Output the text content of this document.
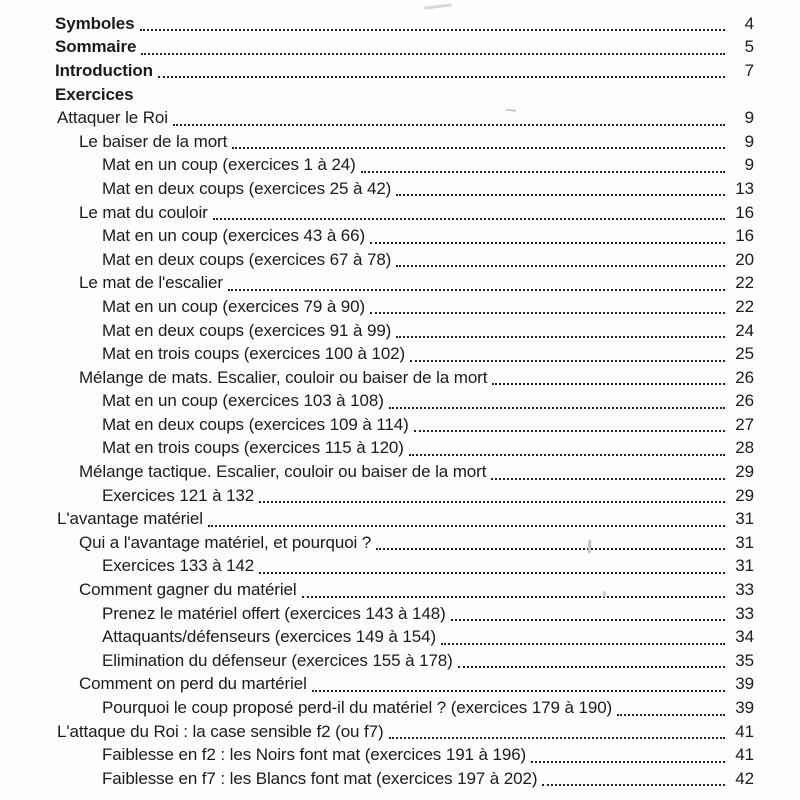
~
Symboles	4
Sommaire	5
Introduction	7
Exercices
Attaquer le Roi	9
Le baiser de la mort	9
Mat en un coup (exercices 1 à 24)	9
Mat en deux coups (exercices 25 à 42)	13
Le mat du couloir	16
Mat en un coup (exercices 43 à 66)	16
Mat en deux coups (exercices 67 à 78)	20
Le mat de l'escalier	22
Mat en un coup (exercices 79 à 90)	22
Mat en deux coups (exercices 91 à 99)	24
Mat en trois coups (exercices 100 à 102)	25
Mélange de mats. Escalier, couloir ou baiser de la mort	26
Mat en un coup (exercices 103 à 108)	26
Mat en deux coups (exercices 109 à 114)	27
Mat en trois coups (exercices 115 à 120)	28
Mélange tactique. Escalier, couloir ou baiser de la mort	29
Exercices 121 à 132	29
L'avantage matériel	31
Qui a l'avantage matériel, et pourquoi ?	31
Exercices 133 à 142	31
Comment gagner du matériel	33
Prenez le matériel offert (exercices 143 à 148)	33
Attaquants/défenseurs (exercices 149 à 154)	34
Elimination du défenseur (exercices 155 à 178)	35
Comment on perd du martériel	39
Pourquoi le coup proposé perd-il du matériel ? (exercices 179 à 190)	39
L'attaque du Roi : la case sensible f2 (ou f7)	41
Faiblesse en f2 : les Noirs font mat (exercices 191 à 196)	41
Faiblesse en f7 : les Blancs font mat (exercices 197 à 202)	42
